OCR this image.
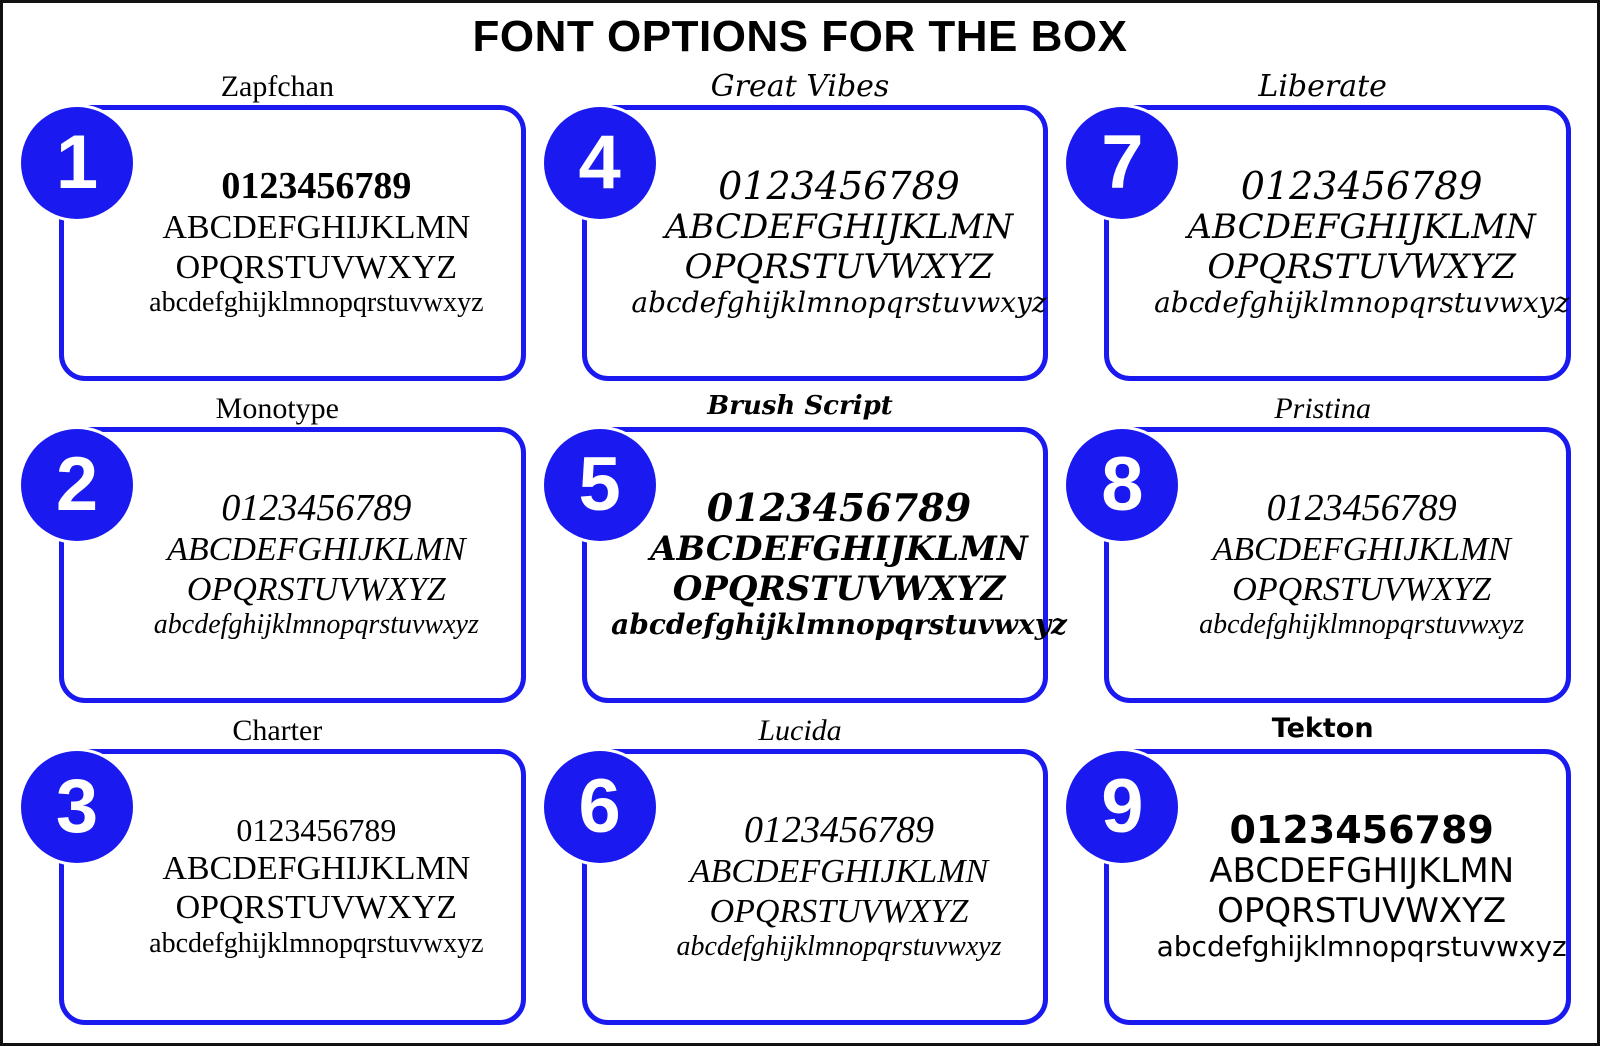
FONT OPTIONS FOR THE BOX
Zapfchan
1	0123456789
ABCDEFGHIJKLMN
OPQRSTUVWXYZ
abcdefghijklmnopqrstuvwxyz
Great Vibes
4	0123456789
ABCDEFGHIJKLMN
OPQRSTUVWXYZ
abcdefghijklmnopqrstuvwxyz
Liberate
7	0123456789
ABCDEFGHIJKLMN
OPQRSTUVWXYZ
abcdefghijklmnopqrstuvwxyz
Monotype
2	0123456789
ABCDEFGHIJKLMN
OPQRSTUVWXYZ
abcdefghijklmnopqrstuvwxyz
Brush Script
5	0123456789
ABCDEFGHIJKLMN
OPQRSTUVWXYZ
abcdefghijklmnopqrstuvwxyz
Pristina
8	0123456789
ABCDEFGHIJKLMN
OPQRSTUVWXYZ
abcdefghijklmnopqrstuvwxyz
Charter
3	0123456789
ABCDEFGHIJKLMN
OPQRSTUVWXYZ
abcdefghijklmnopqrstuvwxyz
Lucida
6	0123456789
ABCDEFGHIJKLMN
OPQRSTUVWXYZ
abcdefghijklmnopqrstuvwxyz
Tekton
9	0123456789
ABCDEFGHIJKLMN
OPQRSTUVWXYZ
abcdefghijklmnopqrstuvwxyz
